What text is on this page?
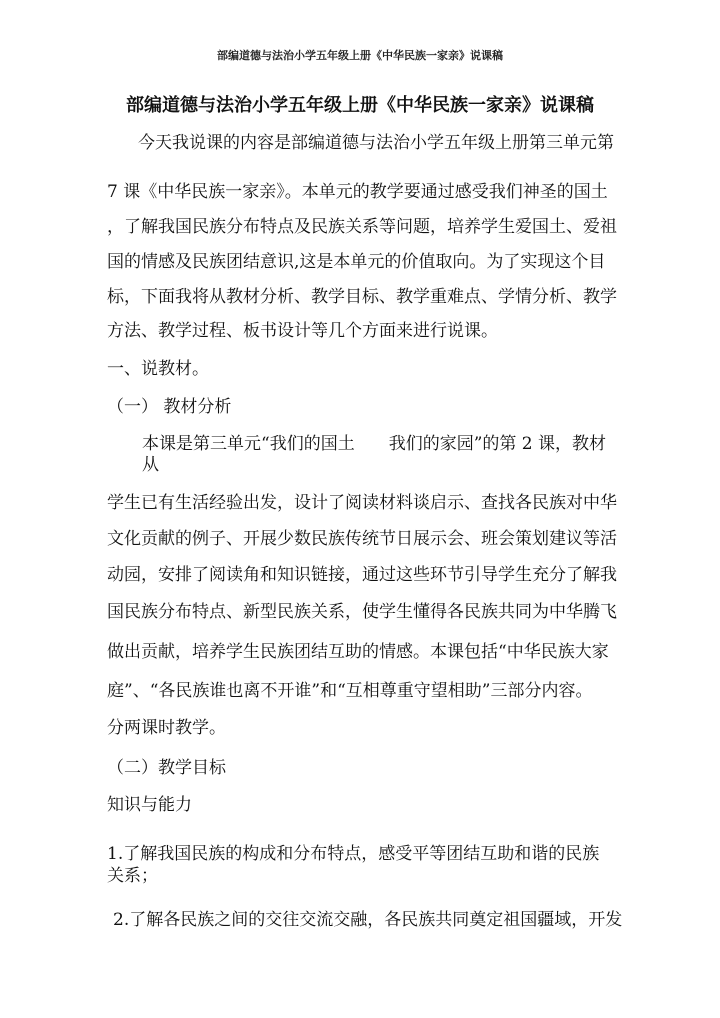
部编道德与法治小学五年级上册《中华民族一家亲》说课稿
部编道德与法治小学五年级上册《中华民族一家亲》说课稿

今天我说课的内容是部编道德与法治小学五年级上册第三单元第

7 课《中华民族一家亲》。本单元的教学要通过感受我们神圣的国土

，了解我国民族分布特点及民族关系等问题，培养学生爱国土、爱祖

国的情感及民族团结意识,这是本单元的价值取向。为了实现这个目

标，下面我将从教材分析、教学目标、教学重难点、学情分析、教学

方法、教学过程、板书设计等几个方面来进行说课。

一、说教材。

（一） 教材分析

本课是第三单元“我们的国土　　我们的家园”的第 2 课，教材

从

学生已有生活经验出发，设计了阅读材料谈启示、查找各民族对中华

文化贡献的例子、开展少数民族传统节日展示会、班会策划建议等活

动园，安排了阅读角和知识链接，通过这些环节引导学生充分了解我

国民族分布特点、新型民族关系，使学生懂得各民族共同为中华腾飞

做出贡献，培养学生民族团结互助的情感。本课包括“中华民族大家

庭”、“各民族谁也离不开谁”和“互相尊重守望相助”三部分内容。

分两课时教学。

（二）教学目标

知识与能力

1.了解我国民族的构成和分布特点，感受平等团结互助和谐的民族

关系；

2.了解各民族之间的交往交流交融，各民族共同奠定祖国疆域，开发
